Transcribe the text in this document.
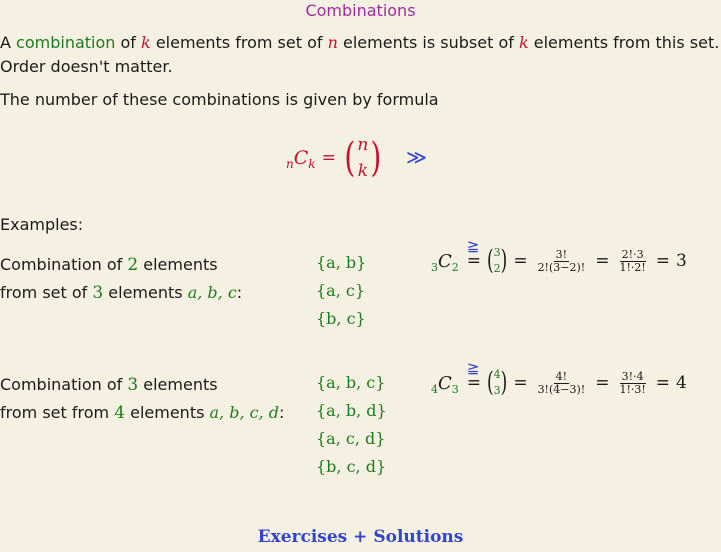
Combinations
A combination of k elements from set of n elements is subset of k elements from this set.
Order doesn't matter.
The number of these combinations is given by formula
n C k = ( n
k ) ≫
Examples:
Combination of 2 elements
from set of 3 elements a, b, c:
{a, b}
{a, c}
{b, c}
3 C 2
≧
= ( 3
2 ) = $\frac{3!}{2!(3-2)!} = \frac{2!\cdot 3}{1!\cdot 2!} = 3$
Combination of 3 elements
from set from 4 elements a, b, c, d:
{a, b, c}
{a, b, d}
{a, c, d}
{b, c, d}
4 C 3
≧
= ( 4
3 ) = $\frac{4!}{3!(4-3)!} = \frac{3!\cdot 4}{1!\cdot 3!} = 4$
Exercises + Solutions
